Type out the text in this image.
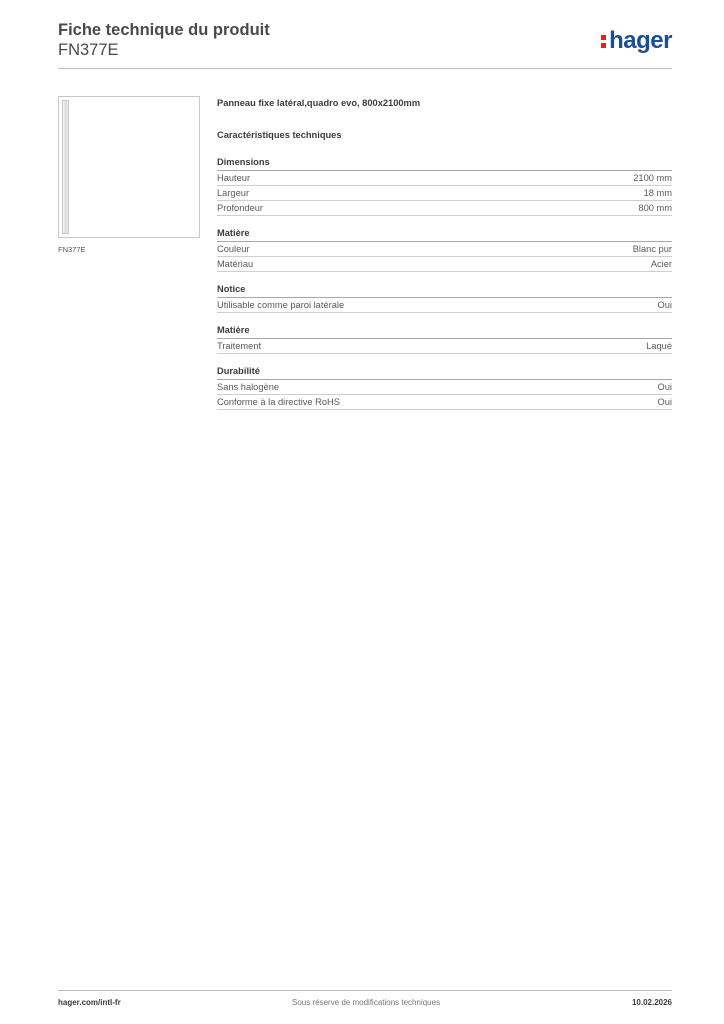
Fiche technique du produit
FN377E	hager
FN377E
Panneau fixe latéral,quadro evo, 800x2100mm
Caractéristiques techniques
Dimensions
Hauteur	2100 mm
Largeur	18 mm
Profondeur	800 mm
Matière
Couleur	Blanc pur
Matériau	Acier
Notice
Utilisable comme paroi latérale	Oui
Matière
Traitement	Laqué
Durabilité
Sans halogène	Oui
Conforme à la directive RoHS	Oui
hager.com/intl-fr	Sous réserve de modifications techniques	10.02.2026
